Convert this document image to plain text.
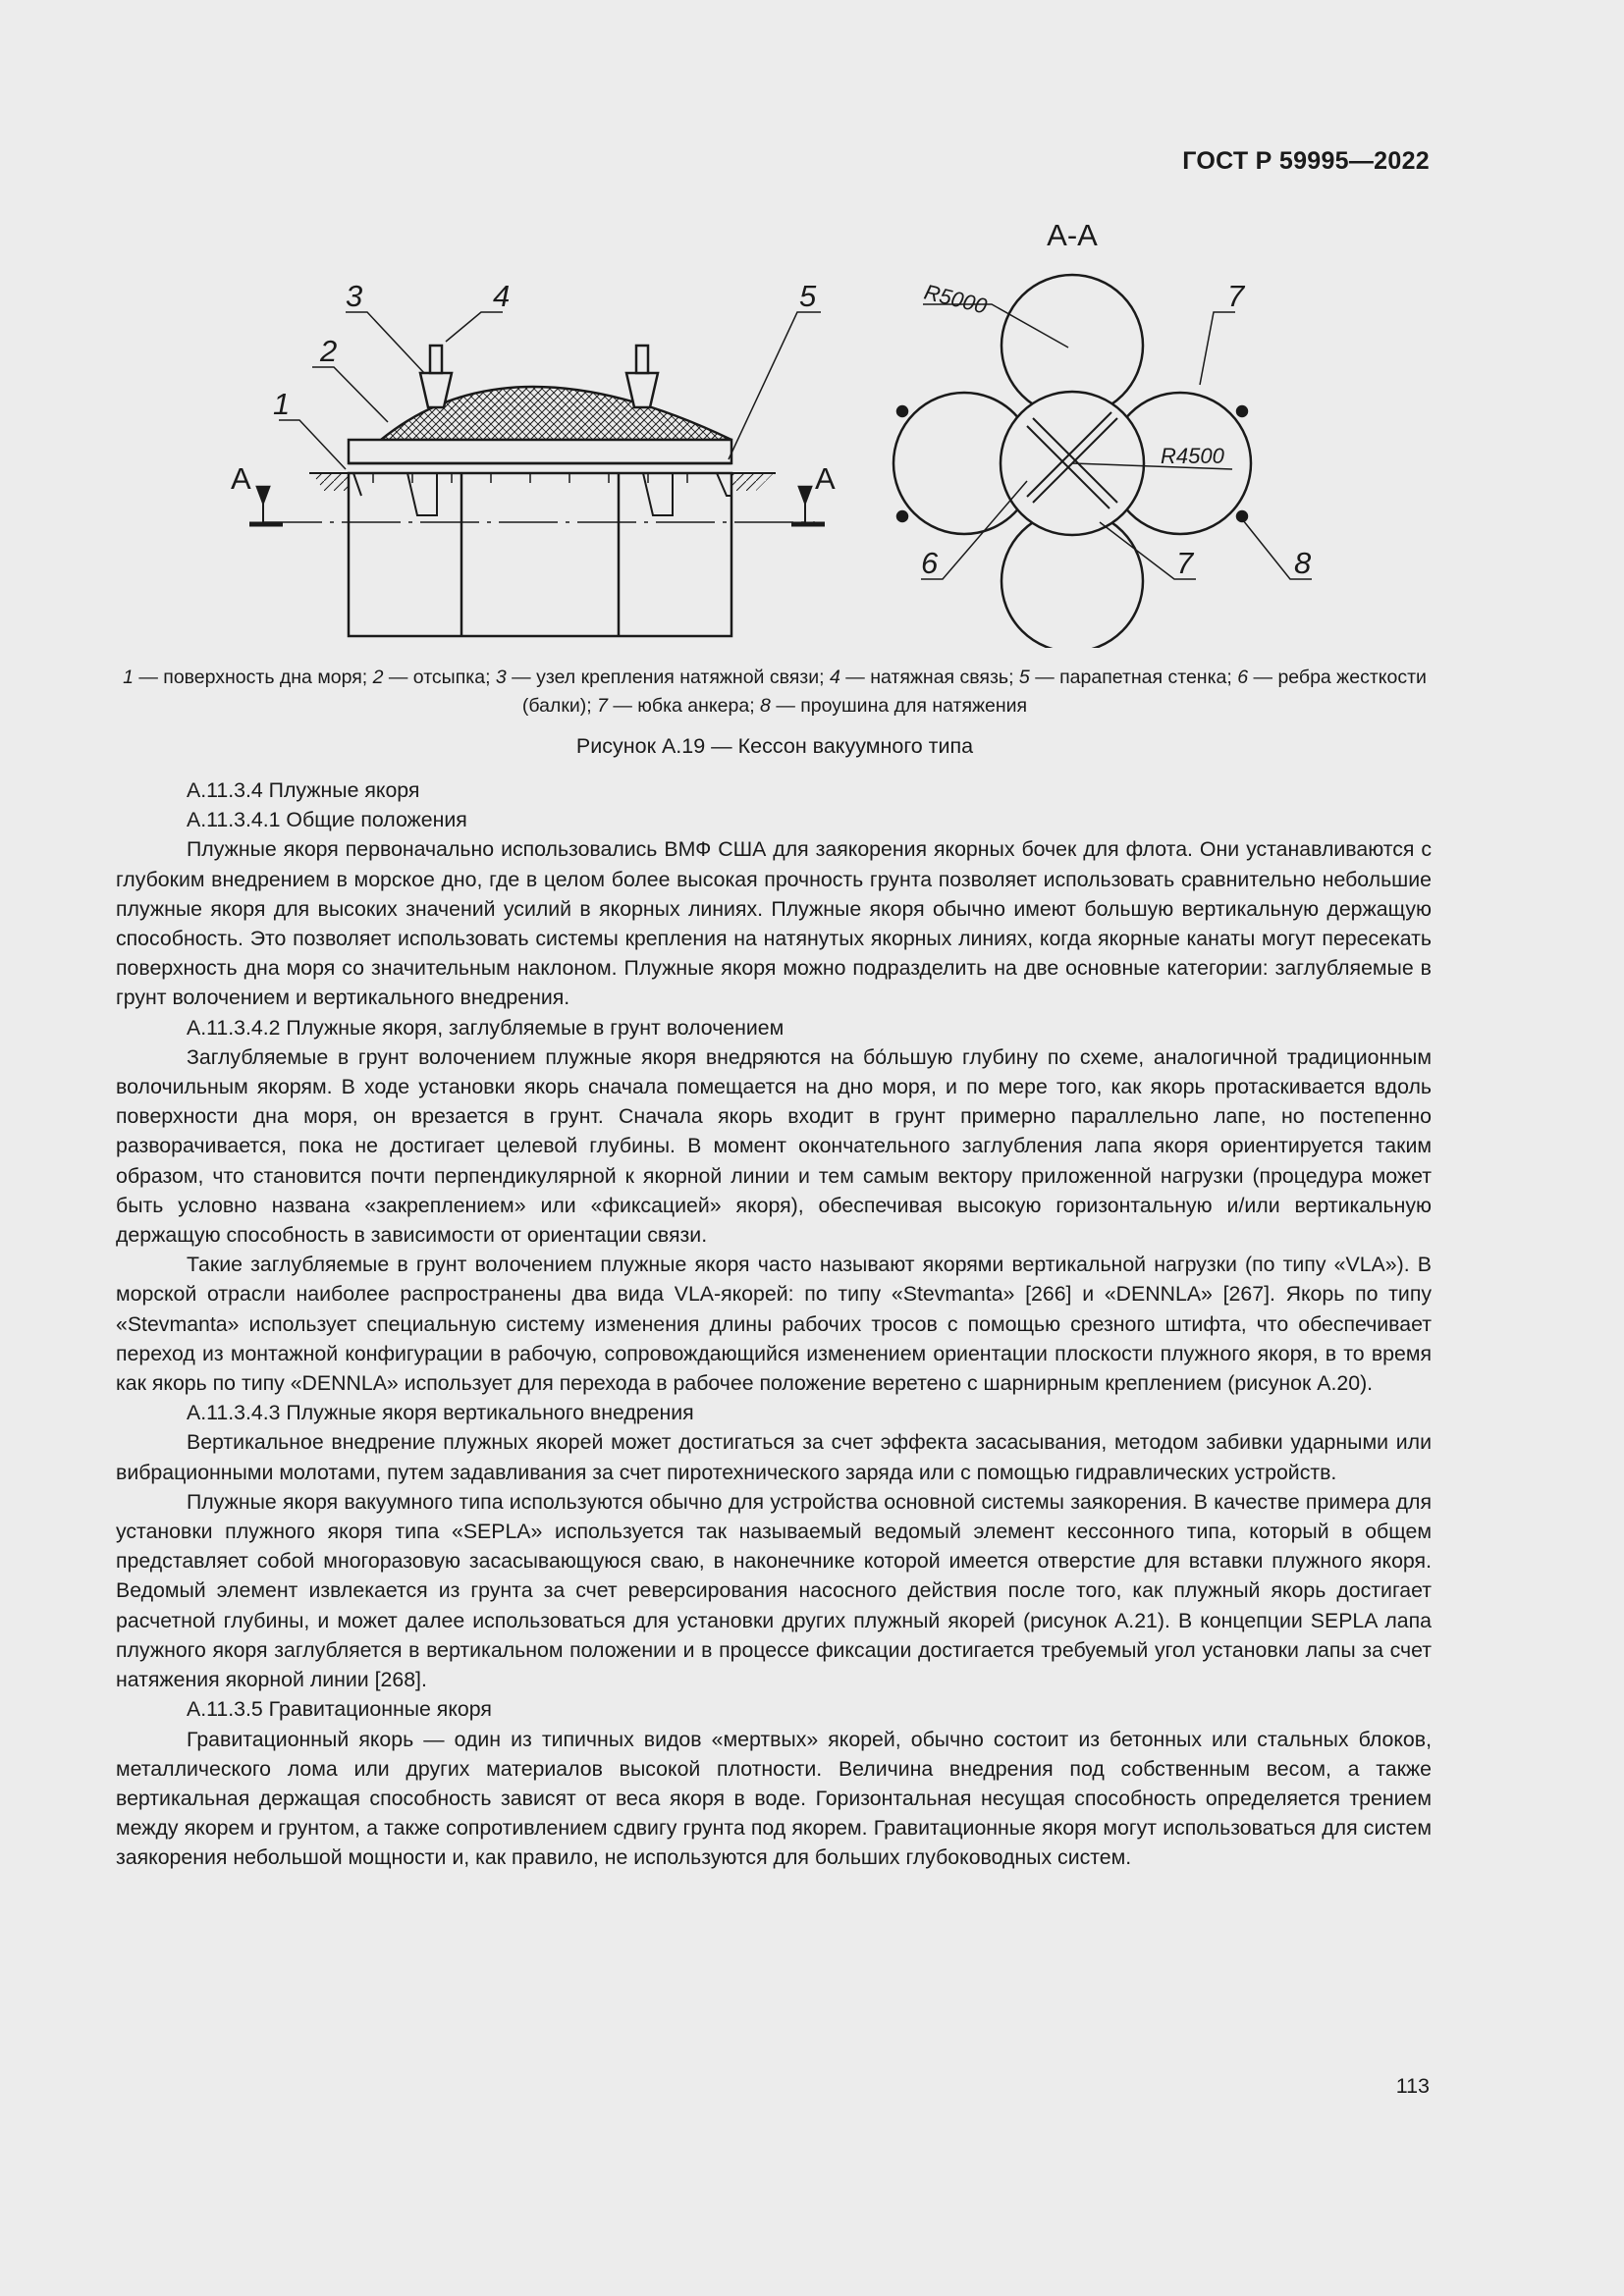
ГОСТ Р 59995—2022
1
2
3	4	5
А	А
А-А
R5000
R4500
7
6	7	8
1 — поверхность дна моря; 2 — отсыпка; 3 — узел крепления натяжной связи; 4 — натяжная связь; 5 — парапетная стенка; 6 — ребра жесткости (балки); 7 — юбка анкера; 8 — проушина для натяжения
Рисунок А.19 — Кессон вакуумного типа

А.11.3.4 Плужные якоря

А.11.3.4.1 Общие положения

Плужные якоря первоначально использовались ВМФ США для заякорения якорных бочек для флота. Они устанавливаются с глубоким внедрением в морское дно, где в целом более высокая прочность грунта позволяет использовать сравнительно небольшие плужные якоря для высоких значений усилий в якорных линиях. Плужные якоря обычно имеют большую вертикальную держащую способность. Это позволяет использовать системы крепления на натянутых якорных линиях, когда якорные канаты могут пересекать поверхность дна моря со значительным наклоном. Плужные якоря можно подразделить на две основные категории: заглубляемые в грунт волочением и вертикального внедрения.

А.11.3.4.2 Плужные якоря, заглубляемые в грунт волочением

Заглубляемые в грунт волочением плужные якоря внедряются на бо́льшую глубину по схеме, аналогичной традиционным волочильным якорям. В ходе установки якорь сначала помещается на дно моря, и по мере того, как якорь протаскивается вдоль поверхности дна моря, он врезается в грунт. Сначала якорь входит в грунт примерно параллельно лапе, но постепенно разворачивается, пока не достигает целевой глубины. В момент окончательного заглубления лапа якоря ориентируется таким образом, что становится почти перпендикулярной к якорной линии и тем самым вектору приложенной нагрузки (процедура может быть условно названа «закреплением» или «фиксацией» якоря), обеспечивая высокую горизонтальную и/или вертикальную держащую способность в зависимости от ориентации связи.

Такие заглубляемые в грунт волочением плужные якоря часто называют якорями вертикальной нагрузки (по типу «VLA»). В морской отрасли наиболее распространены два вида VLA-якорей: по типу «Stevmanta» [266] и «DENNLA» [267]. Якорь по типу «Stevmanta» использует специальную систему изменения длины рабочих тросов с помощью срезного штифта, что обеспечивает переход из монтажной конфигурации в рабочую, сопровождающийся изменением ориентации плоскости плужного якоря, в то время как якорь по типу «DENNLA» использует для перехода в рабочее положение веретено с шарнирным креплением (рисунок А.20).

А.11.3.4.3 Плужные якоря вертикального внедрения

Вертикальное внедрение плужных якорей может достигаться за счет эффекта засасывания, методом забивки ударными или вибрационными молотами, путем задавливания за счет пиротехнического заряда или с помощью гидравлических устройств.

Плужные якоря вакуумного типа используются обычно для устройства основной системы заякорения. В качестве примера для установки плужного якоря типа «SEPLA» используется так называемый ведомый элемент кессонного типа, который в общем представляет собой многоразовую засасывающуюся сваю, в наконечнике которой имеется отверстие для вставки плужного якоря. Ведомый элемент извлекается из грунта за счет реверсирования насосного действия после того, как плужный якорь достигает расчетной глубины, и может далее использоваться для установки других плужный якорей (рисунок А.21). В концепции SEPLA лапа плужного якоря заглубляется в вертикальном положении и в процессе фиксации достигается требуемый угол установки лапы за счет натяжения якорной линии [268].

А.11.3.5 Гравитационные якоря

Гравитационный якорь — один из типичных видов «мертвых» якорей, обычно состоит из бетонных или стальных блоков, металлического лома или других материалов высокой плотности. Величина внедрения под собственным весом, а также вертикальная держащая способность зависят от веса якоря в воде. Горизонтальная несущая способность определяется трением между якорем и грунтом, а также сопротивлением сдвигу грунта под якорем. Гравитационные якоря могут использоваться для систем заякорения небольшой мощности и, как правило, не используются для больших глубоководных систем.

113
